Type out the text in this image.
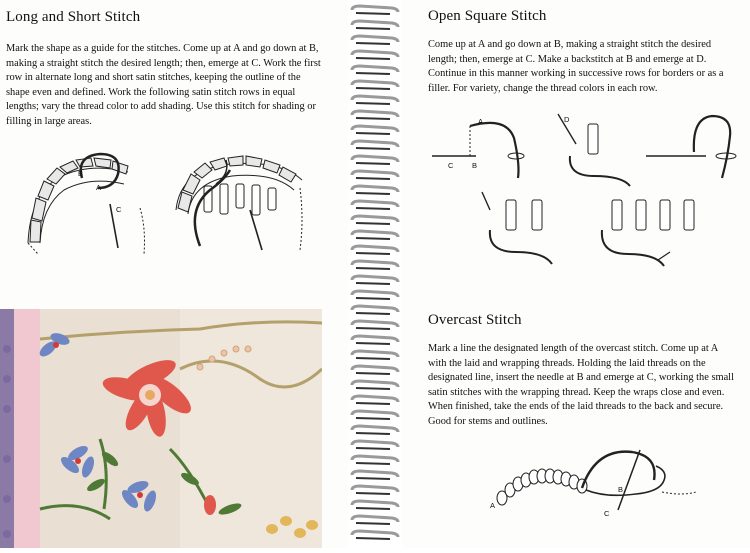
Long and Short Stitch

Mark the shape as a guide for the stitches. Come up at A and go down at B, making a straight stitch the desired length; then, emerge at C. Work the first row in alternate long and short satin stitches, keeping the outline of the shape even and defined. Work the following satin stitch rows in equal lengths; vary the thread color to add shading. Use this stitch for shading or filling in large areas.

B
A
C
Open Square Stitch

Come up at A and go down at B, making a straight stitch the desired length; then, emerge at C. Make a backstitch at B and emerge at D. Continue in this manner working in successive rows for borders or as a filler. For variety, change the thread colors in each row.

A
B
C
D
Overcast Stitch

Mark a line the designated length of the overcast stitch. Come up at A with the laid and wrapping threads. Holding the laid threads on the designated line, insert the needle at B and emerge at C, working the small satin stitches with the wrapping thread. Keep the wraps close and even. When finished, take the ends of the laid threads to the back and secure. Good for stems and outlines.

A
B
C
